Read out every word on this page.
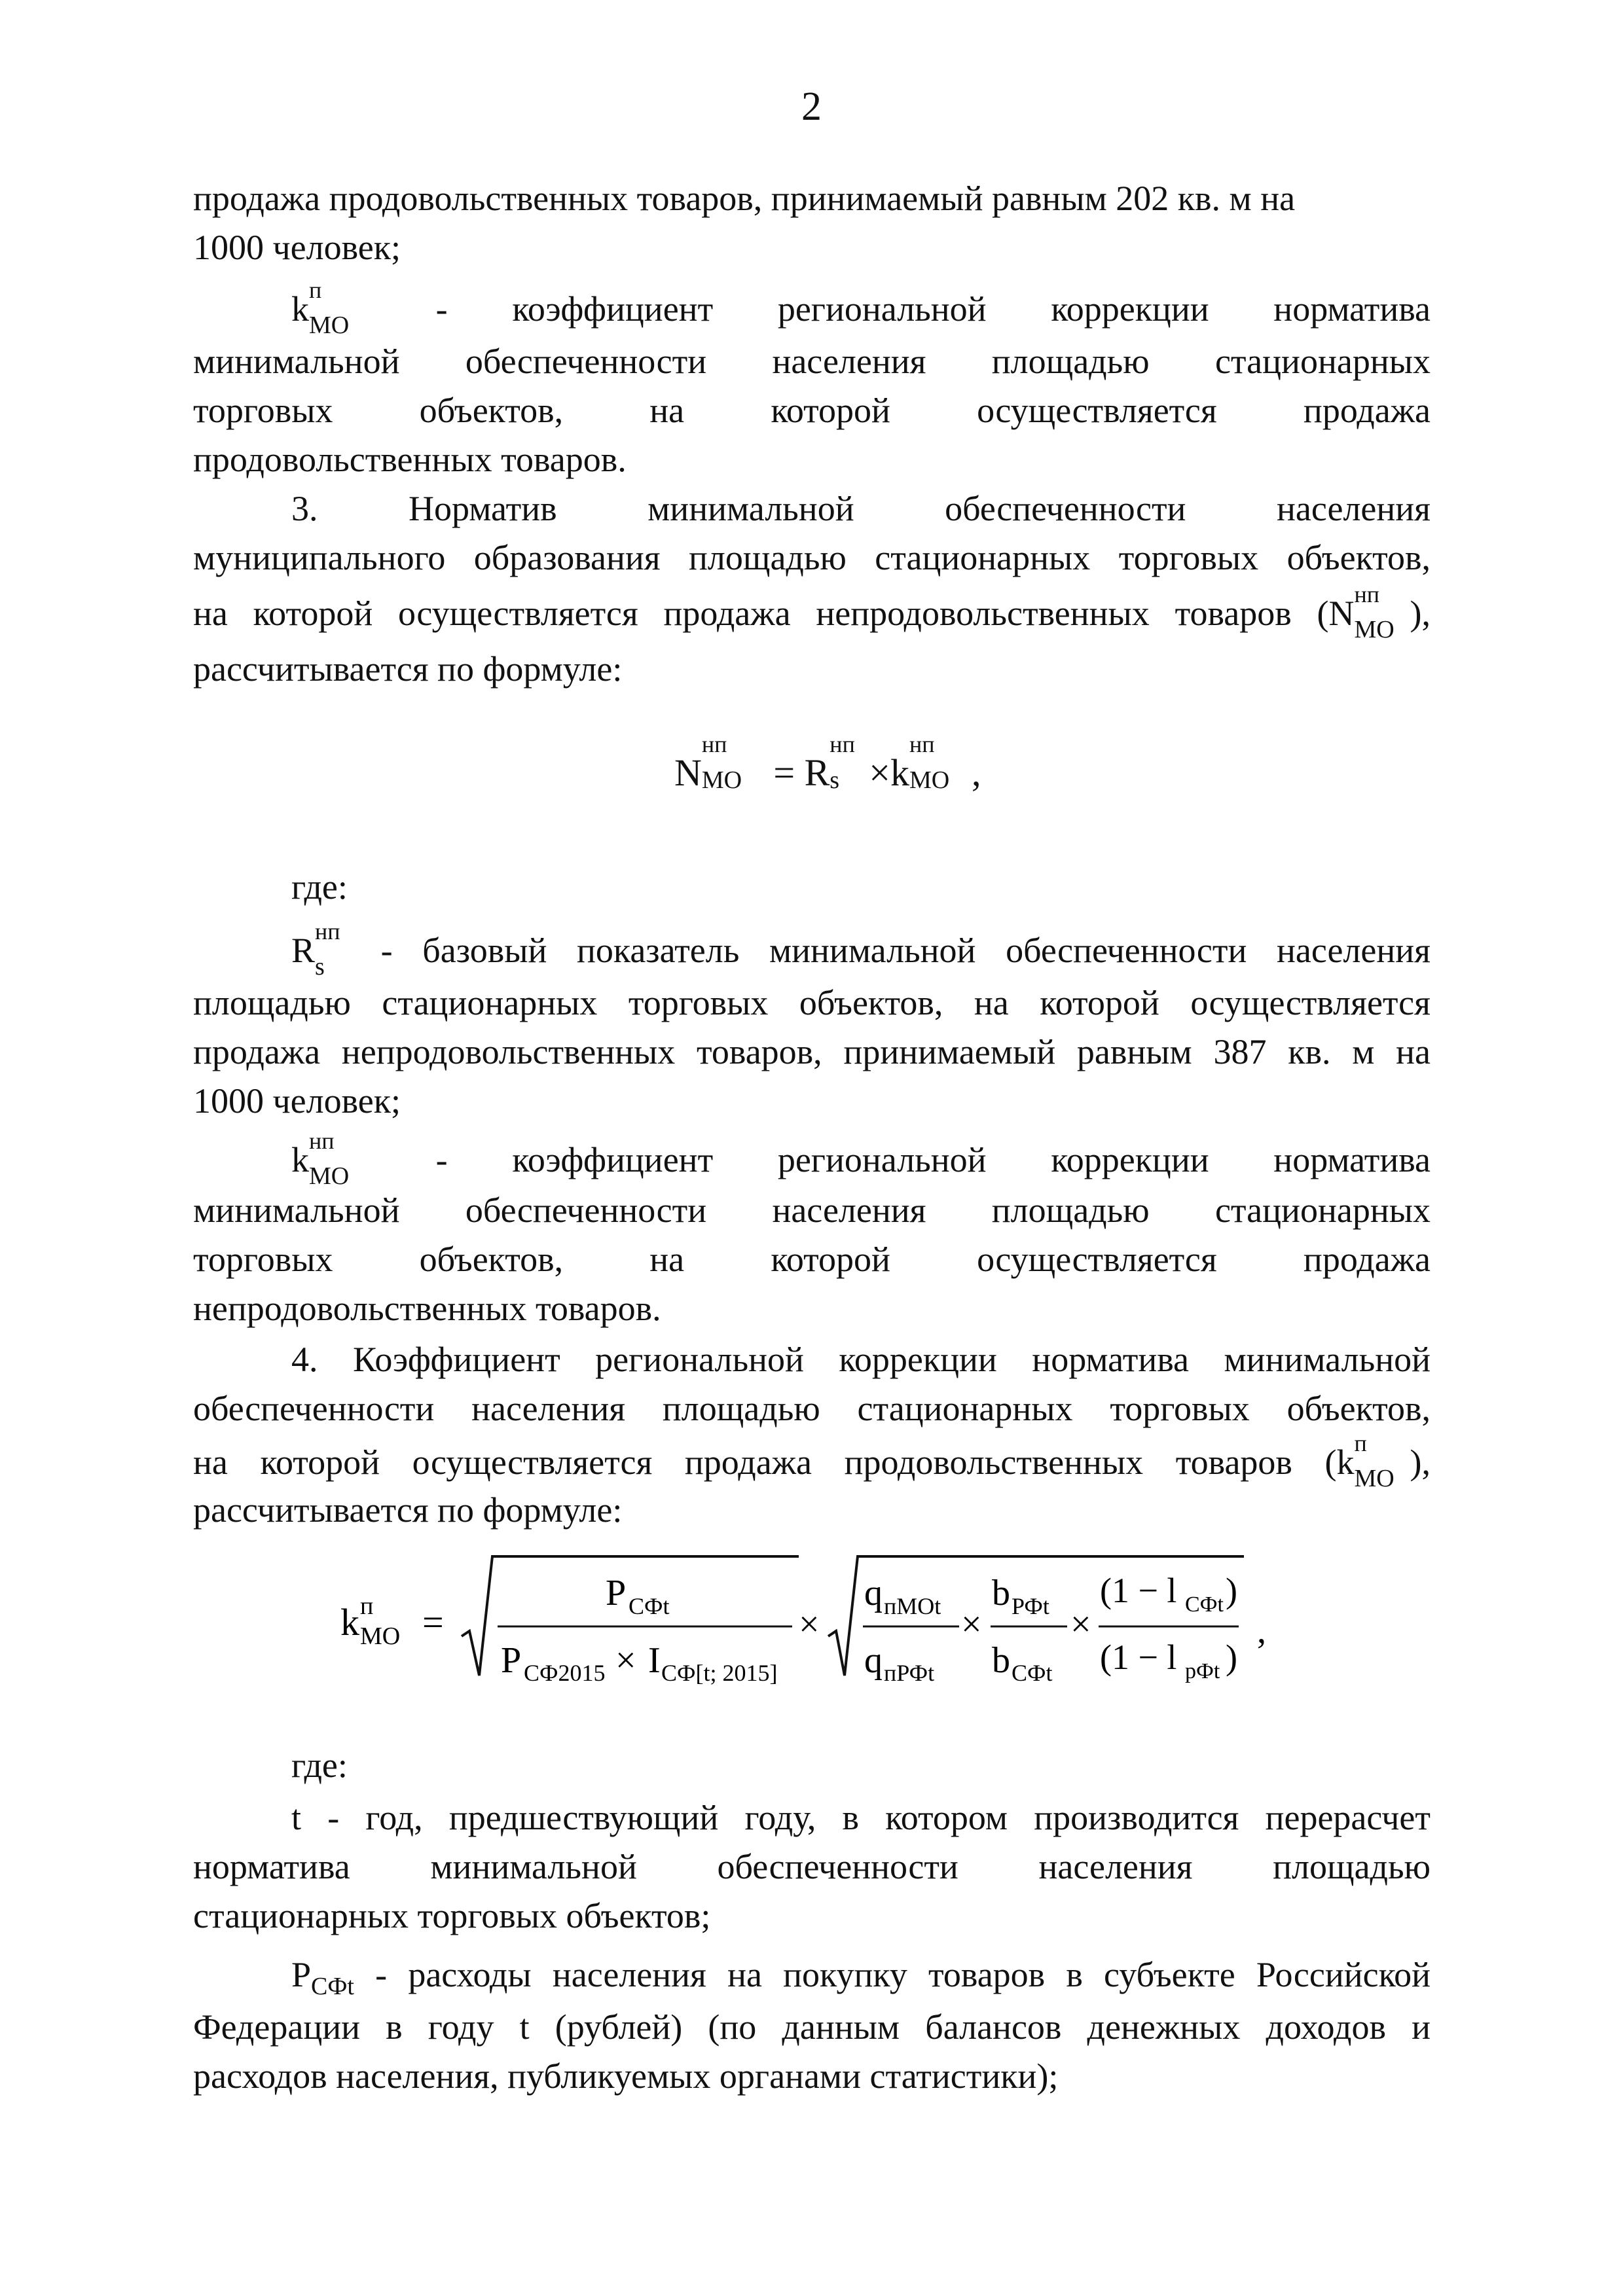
2
продажа продовольственных товаров, принимаемый равным 202 кв. м на
1000 человек;
k п
МО - коэффициент региональной коррекции норматива
минимальной обеспеченности населения площадью стационарных
торговых объектов, на которой осуществляется продажа
продовольственных товаров.
3. Норматив минимальной обеспеченности населения
муниципального образования площадью стационарных торговых объектов,
на которой осуществляется продажа непродовольственных товаров (N нп
МО ),
рассчитывается по формуле:
N
нп
МО = R
нп
s ×k
нп
МО ,
где:
R нп
s - базовый показатель минимальной обеспеченности населения
площадью стационарных торговых объектов, на которой осуществляется
продажа непродовольственных товаров, принимаемый равным 387 кв. м на
1000 человек;
k нп
МО - коэффициент региональной коррекции норматива
минимальной обеспеченности населения площадью стационарных
торговых объектов, на которой осуществляется продажа
непродовольственных товаров.
4. Коэффициент региональной коррекции норматива минимальной
обеспеченности населения площадью стационарных торговых объектов,
на которой осуществляется продажа продовольственных товаров (k п
МО ),
рассчитывается по формуле:
k п
МО =
P СФt
P СФ2015 × I СФ[t; 2015]
×
q пМОt
q пРФt
×
b РФt
b СФt
×
(1 − l СФt )
(1 − l рФt )
,
где:
t - год, предшествующий году, в котором производится перерасчет
норматива минимальной обеспеченности населения площадью
стационарных торговых объектов;
$P_{СФt}$ - расходы населения на покупку товаров в субъекте Российской
Федерации в году t (рублей) (по данным балансов денежных доходов и
расходов населения, публикуемых органами статистики);
